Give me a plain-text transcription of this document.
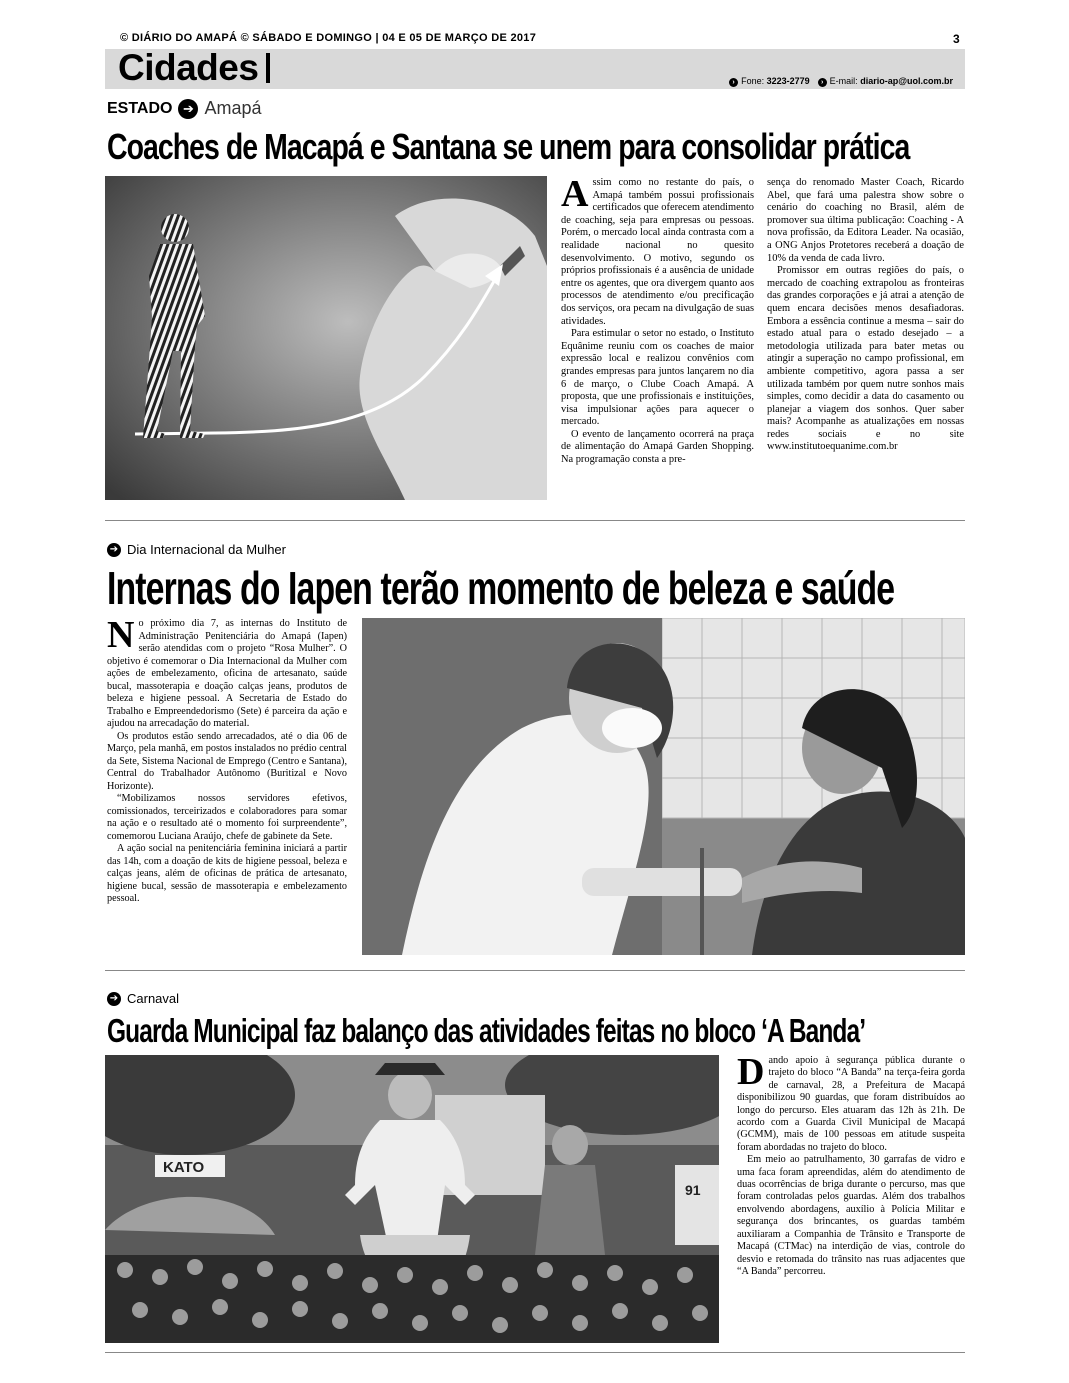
© DIÁRIO DO AMAPÁ © SÁBADO E DOMINGO | 04 E 05 DE MARÇO DE 2017	3
Cidades	› Fone: 3223-2779	› E-mail: diario-ap@uol.com.br
ESTADO ➔ Amapá
Coaches de Macapá e Santana se unem para consolidar prática

Assim como no restante do país, o Amapá também possui profissionais certificados que oferecem atendimento de coaching, seja para empresas ou pessoas. Porém, o mercado local ainda contrasta com a realidade nacional no quesito desenvolvimento. O motivo, segundo os próprios profissionais é a ausência de unidade entre os agentes, que ora divergem quanto aos processos de atendimento e/ou precificação dos serviços, ora pecam na divulgação de suas atividades.

Para estimular o setor no estado, o Instituto Equânime reuniu com os coaches de maior expressão local e realizou convênios com grandes empresas para juntos lançarem no dia 6 de março, o Clube Coach Amapá. A proposta, que une profissionais e instituições, visa impulsionar ações para aquecer o mercado.

O evento de lançamento ocorrerá na praça de alimentação do Amapá Garden Shopping. Na programação consta a pre-

sença do renomado Master Coach, Ricardo Abel, que fará uma palestra show sobre o cenário do coaching no Brasil, além de promover sua última publicação: Coaching - A nova profissão, da Editora Leader. Na ocasião, a ONG Anjos Protetores receberá a doação de 10% da venda de cada livro.

Promissor em outras regiões do país, o mercado de coaching extrapolou as fronteiras das grandes corporações e já atrai a atenção de quem encara decisões menos desafiadoras. Embora a essência continue a mesma – sair do estado atual para o estado desejado – a metodologia utilizada para bater metas ou atingir a superação no campo profissional, em ambiente competitivo, agora passa a ser utilizada também por quem nutre sonhos mais simples, como decidir a data do casamento ou planejar a viagem dos sonhos. Quer saber mais? Acompanhe as atualizações em nossas redes sociais e no site www.institutoequanime.com.br

➔ Dia Internacional da Mulher
Internas do Iapen terão momento de beleza e saúde

No próximo dia 7, as internas do Instituto de Administração Penitenciária do Amapá (Iapen) serão atendidas com o projeto “Rosa Mulher”. O objetivo é comemorar o Dia Internacional da Mulher com ações de embelezamento, oficina de artesanato, saúde bucal, massoterapia e doação calças jeans, produtos de beleza e higiene pessoal. A Secretaria de Estado do Trabalho e Empreendedorismo (Sete) é parceira da ação e ajudou na arrecadação do material.

Os produtos estão sendo arrecadados, até o dia 06 de Março, pela manhã, em postos instalados no prédio central da Sete, Sistema Nacional de Emprego (Centro e Santana), Central do Trabalhador Autônomo (Buritizal e Novo Horizonte).

“Mobilizamos nossos servidores efetivos, comissionados, terceirizados e colaboradores para somar na ação e o resultado até o momento foi surpreendente”, comemorou Luciana Araújo, chefe de gabinete da Sete.

A ação social na penitenciária feminina iniciará a partir das 14h, com a doação de kits de higiene pessoal, beleza e calças jeans, além de oficinas de prática de artesanato, higiene bucal, sessão de massoterapia e embelezamento pessoal.

➔ Carnaval
Guarda Municipal faz balanço das atividades feitas no bloco ‘A Banda’
91
KATO

Dando apoio à segurança pública durante o trajeto do bloco “A Banda” na terça-feira gorda de carnaval, 28, a Prefeitura de Macapá disponibilizou 90 guardas, que foram distribuídos ao longo do percurso. Eles atuaram das 12h às 21h. De acordo com a Guarda Civil Municipal de Macapá (GCMM), mais de 100 pessoas em atitude suspeita foram abordadas no trajeto do bloco.

Em meio ao patrulhamento, 30 garrafas de vidro e uma faca foram apreendidas, além do atendimento de duas ocorrências de briga durante o percurso, mas que foram controladas pelos guardas. Além dos trabalhos envolvendo abordagens, auxílio à Polícia Militar e segurança dos brincantes, os guardas também auxiliaram a Companhia de Trânsito e Transporte de Macapá (CTMac) na interdição de vias, controle do desvio e retomada do trânsito nas ruas adjacentes que “A Banda” percorreu.
